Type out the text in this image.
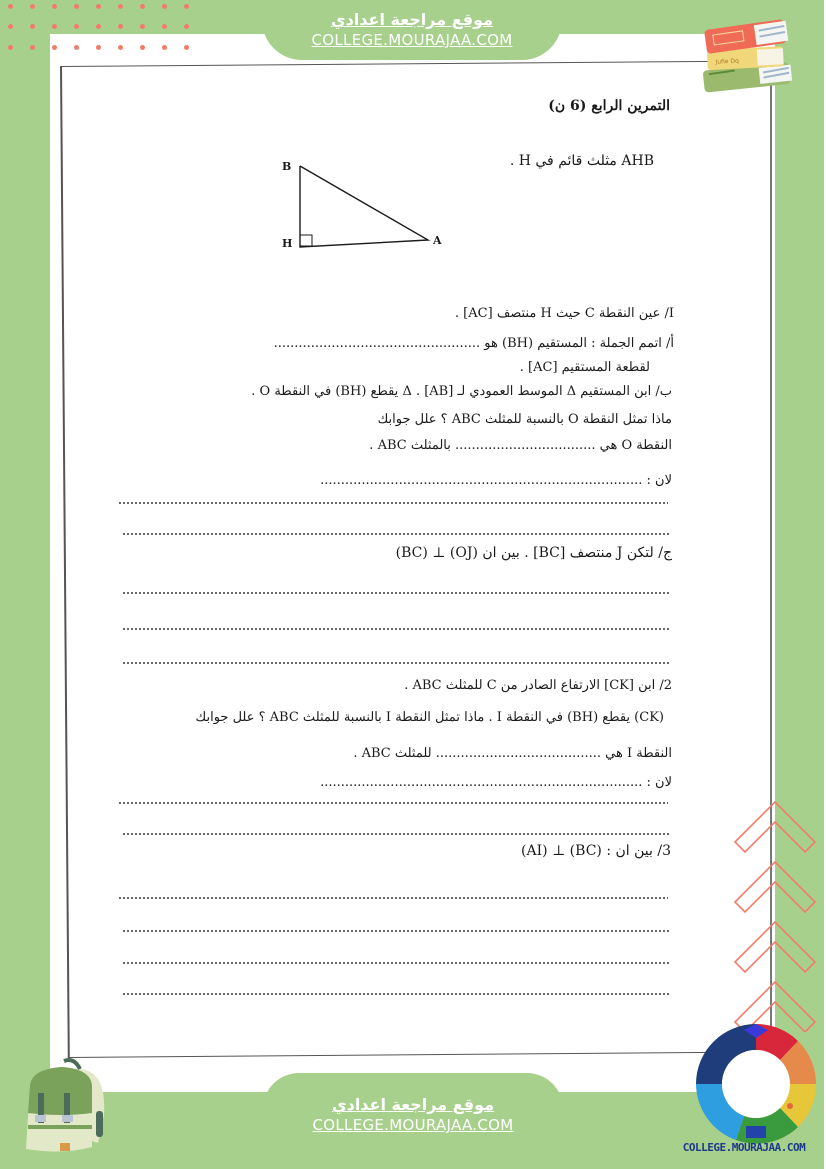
موقع مراجعة اعدادي
COLLEGE.MOURAJAA.COM
Jufie Dq
B
H	A
التمرين الرابع (6 ن)
AHB مثلث قائم في H .
I/ عين النقطة C حيث H منتصف [AC] .
أ/ اتمم الجملة : المستقيم (BH) هو ..................................................
لقطعة المستقيم [AC] .
ب/ ابن المستقيم Δ الموسط العمودي لـ [AB] . Δ يقطع (BH) في النقطة O .
ماذا تمثل النقطة O بالنسبة للمثلث ABC ؟ علل جوابك
النقطة O هي .................................. بالمثلث ABC .
لان : ..............................................................................
ج/ لتكن J منتصف [BC] . بين ان (OJ) ⊥ (BC)
2/ ابن [CK] الارتفاع الصادر من C للمثلث ABC .
(CK) يقطع (BH) في النقطة I . ماذا تمثل النقطة I بالنسبة للمثلث ABC ؟ علل جوابك
النقطة I هي ........................................ للمثلث ABC .
لان : ..............................................................................
3/ بين ان : (BC) ⊥ (AI)
موقع مراجعة اعدادي
COLLEGE.MOURAJAA.COM
COLLEGE.MOURAJAA.COM
